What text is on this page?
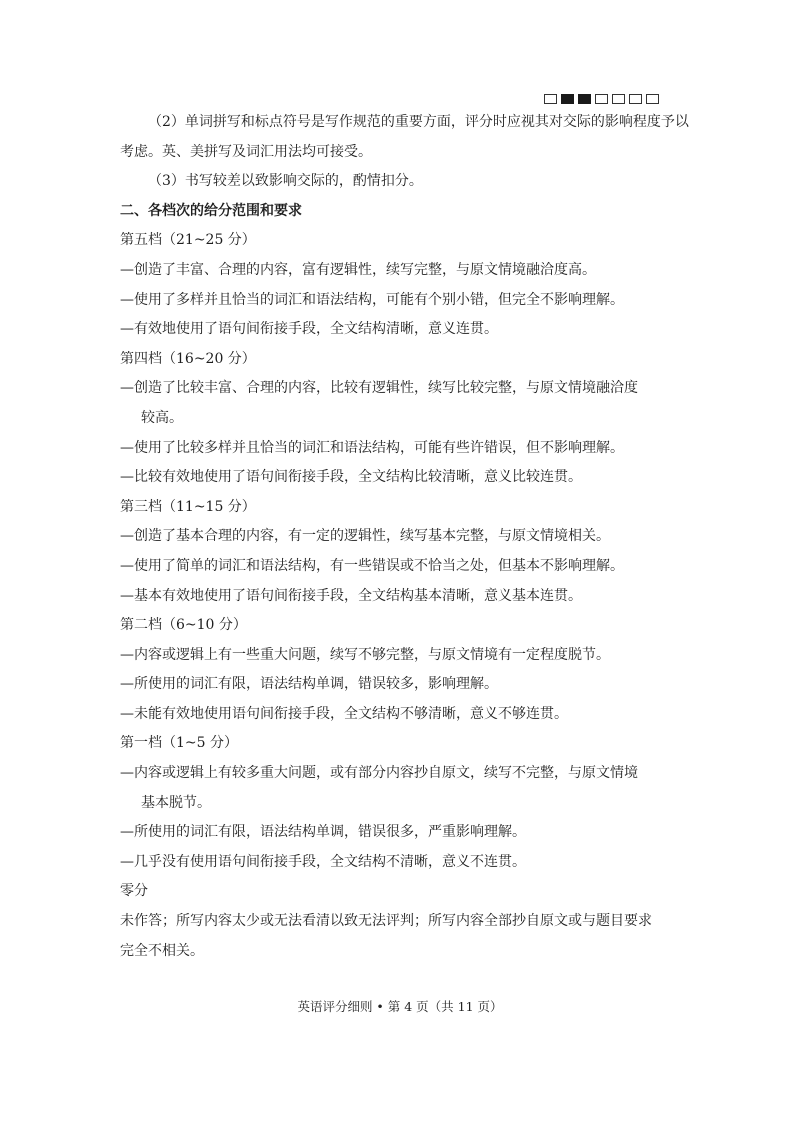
（2）单词拼写和标点符号是写作规范的重要方面，评分时应视其对交际的影响程度予以
考虑。英、美拼写及词汇用法均可接受。
（3）书写较差以致影响交际的，酌情扣分。
二、各档次的给分范围和要求
第五档（21~25 分）
—创造了丰富、合理的内容，富有逻辑性，续写完整，与原文情境融洽度高。
—使用了多样并且恰当的词汇和语法结构，可能有个别小错，但完全不影响理解。
—有效地使用了语句间衔接手段，全文结构清晰，意义连贯。
第四档（16~20 分）
—创造了比较丰富、合理的内容，比较有逻辑性，续写比较完整，与原文情境融洽度
较高。
—使用了比较多样并且恰当的词汇和语法结构，可能有些许错误，但不影响理解。
—比较有效地使用了语句间衔接手段，全文结构比较清晰，意义比较连贯。
第三档（11~15 分）
—创造了基本合理的内容，有一定的逻辑性，续写基本完整，与原文情境相关。
—使用了简单的词汇和语法结构，有一些错误或不恰当之处，但基本不影响理解。
—基本有效地使用了语句间衔接手段，全文结构基本清晰，意义基本连贯。
第二档（6~10 分）
—内容或逻辑上有一些重大问题，续写不够完整，与原文情境有一定程度脱节。
—所使用的词汇有限，语法结构单调，错误较多，影响理解。
—未能有效地使用语句间衔接手段，全文结构不够清晰，意义不够连贯。
第一档（1~5 分）
—内容或逻辑上有较多重大问题，或有部分内容抄自原文，续写不完整，与原文情境
基本脱节。
—所使用的词汇有限，语法结构单调，错误很多，严重影响理解。
—几乎没有使用语句间衔接手段，全文结构不清晰，意义不连贯。
零分
未作答；所写内容太少或无法看清以致无法评判；所写内容全部抄自原文或与题目要求
完全不相关。
英语评分细则 • 第 4 页（共 11 页）
